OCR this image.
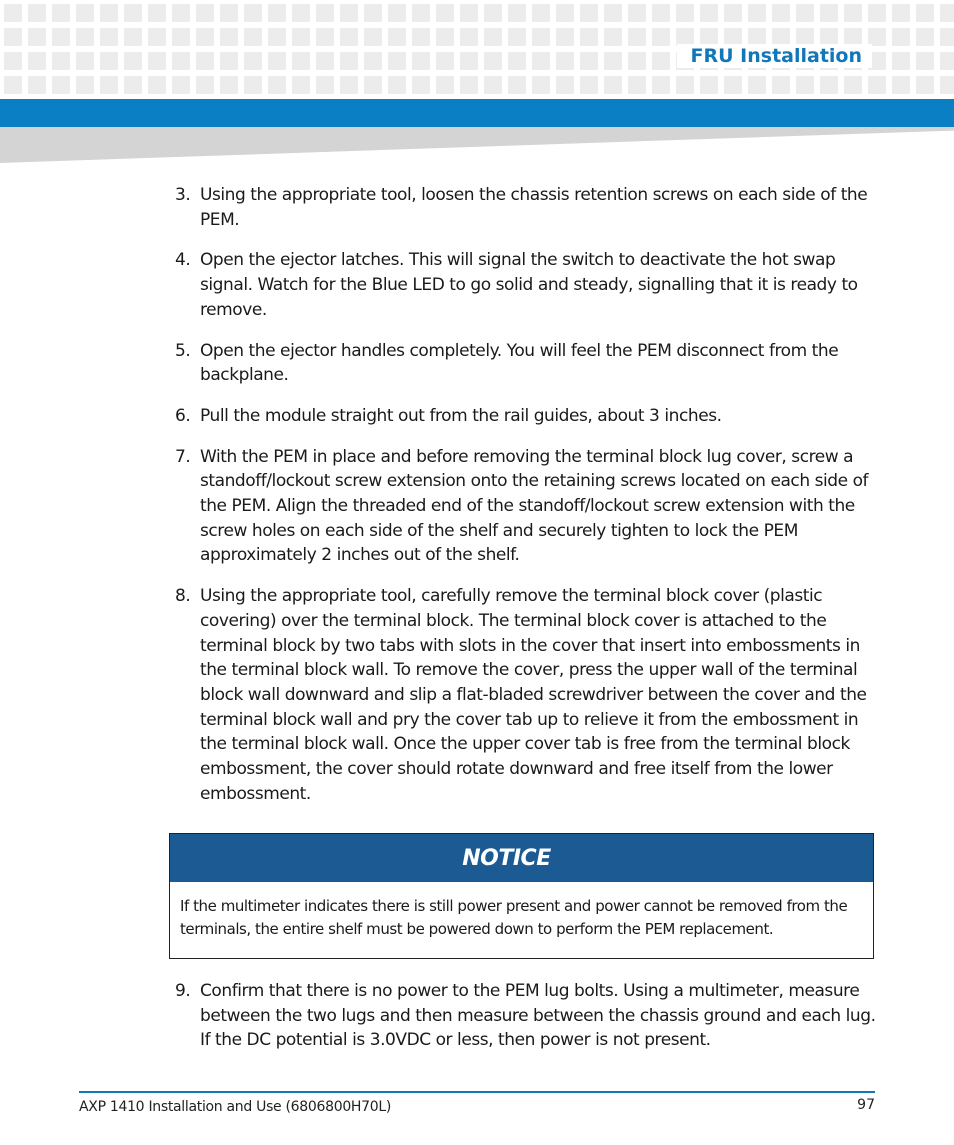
FRU Installation
3. Using the appropriate tool, loosen the chassis retention screws on each side of the PEM.
4. Open the ejector latches. This will signal the switch to deactivate the hot swap signal. Watch for the Blue LED to go solid and steady, signalling that it is ready to remove.
5. Open the ejector handles completely. You will feel the PEM disconnect from the backplane.
6. Pull the module straight out from the rail guides, about 3 inches.
7. With the PEM in place and before removing the terminal block lug cover, screw a standoff/lockout screw extension onto the retaining screws located on each side of the PEM. Align the threaded end of the standoff/lockout screw extension with the screw holes on each side of the shelf and securely tighten to lock the PEM approximately 2 inches out of the shelf.
8. Using the appropriate tool, carefully remove the terminal block cover (plastic covering) over the terminal block. The terminal block cover is attached to the terminal block by two tabs with slots in the cover that insert into embossments in the terminal block wall. To remove the cover, press the upper wall of the terminal block wall downward and slip a flat-bladed screwdriver between the cover and the terminal block wall and pry the cover tab up to relieve it from the embossment in the terminal block wall. Once the upper cover tab is free from the terminal block embossment, the cover should rotate downward and free itself from the lower embossment.
NOTICE
If the multimeter indicates there is still power present and power cannot be removed from the terminals, the entire shelf must be powered down to perform the PEM replacement.
9. Confirm that there is no power to the PEM lug bolts. Using a multimeter, measure between the two lugs and then measure between the chassis ground and each lug. If the DC potential is 3.0VDC or less, then power is not present.
AXP 1410 Installation and Use (6806800H70L)	97
